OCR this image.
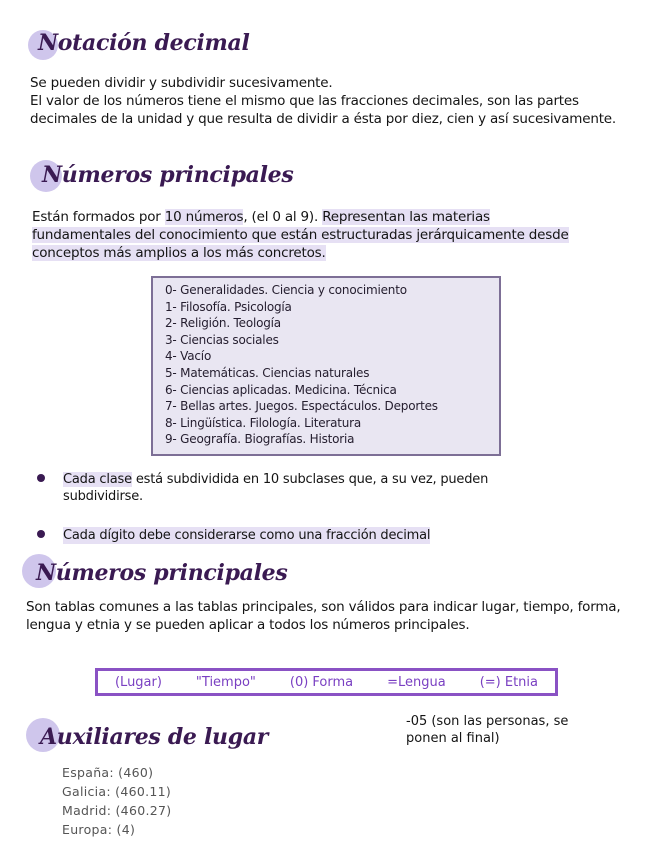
Notación decimal

Se pueden dividir y subdividir sucesivamente.
El valor de los números tiene el mismo que las fracciones decimales, son las partes decimales de la unidad y que resulta de dividir a ésta por diez, cien y así sucesivamente.

Números principales

Están formados por 10 números, (el 0 al 9). Representan las materias fundamentales del conocimiento que están estructuradas jerárquicamente desde conceptos más amplios a los más concretos.

0- Generalidades. Ciencia y conocimiento
1- Filosofía. Psicología
2- Religión. Teología
3- Ciencias sociales
4- Vacío
5- Matemáticas. Ciencias naturales
6- Ciencias aplicadas. Medicina. Técnica
7- Bellas artes. Juegos. Espectáculos. Deportes
8- Lingüística. Filología. Literatura
9- Geografía. Biografías. Historia
Cada clase está subdividida en 10 subclases que, a su vez, pueden subdividirse.
Cada dígito debe considerarse como una fracción decimal
Números principales

Son tablas comunes a las tablas principales, son válidos para indicar lugar, tiempo, forma, lengua y etnia y se pueden aplicar a todos los números principales.

(Lugar)	"Tiempo"	(0) Forma	=Lengua	(=) Etnia
Auxiliares de lugar
-05 (son las personas, se ponen al final)
España: (460)
Galicia: (460.11)
Madrid: (460.27)
Europa: (4)
